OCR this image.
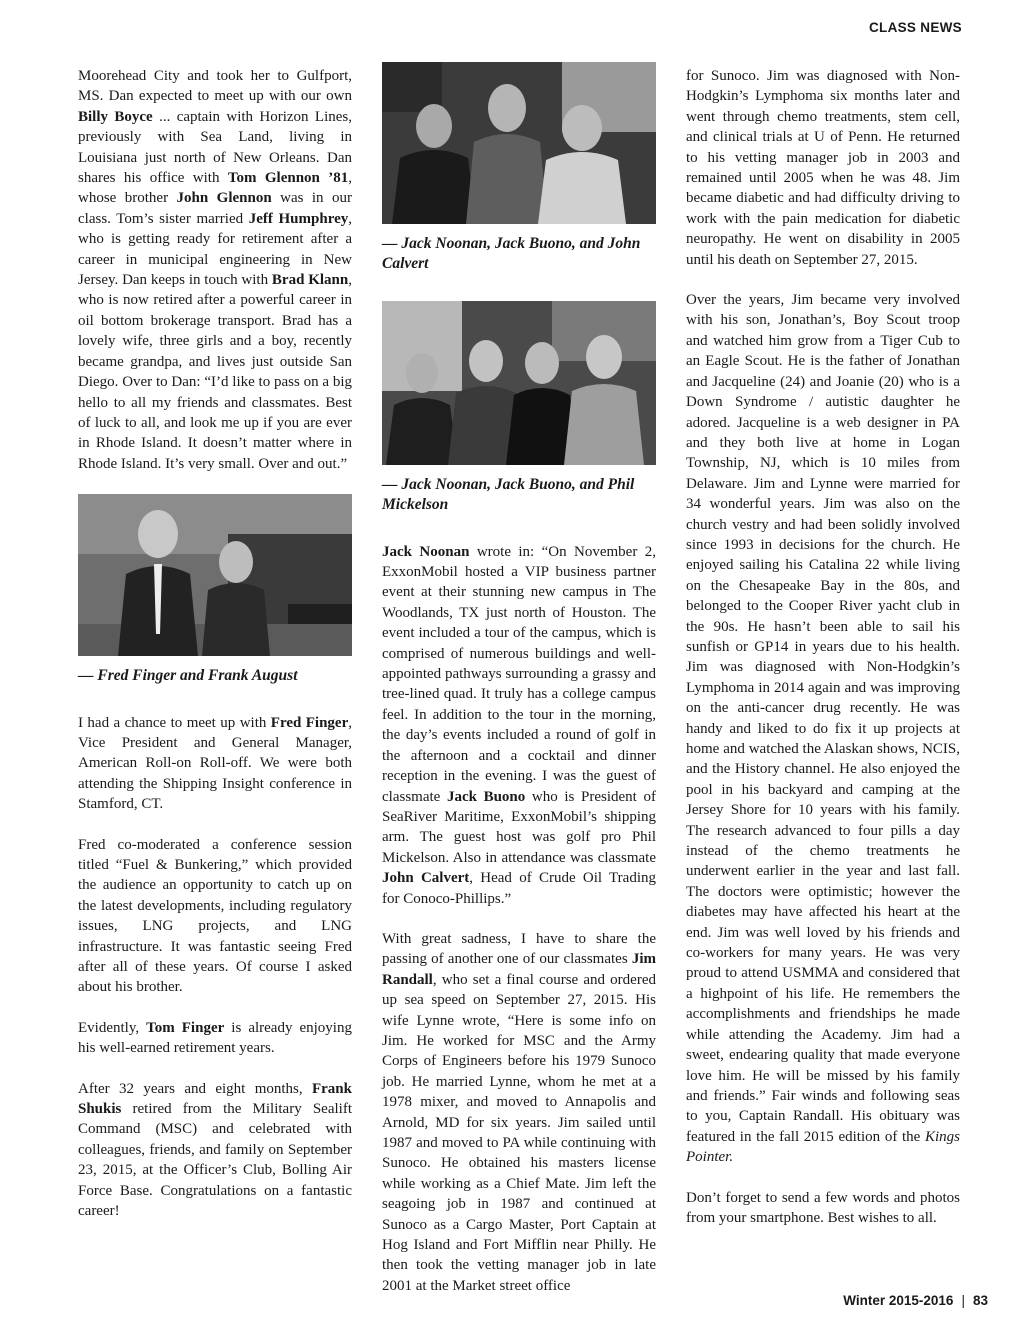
CLASS NEWS

Moorehead City and took her to Gulfport, MS. Dan expected to meet up with our own Billy Boyce ... captain with Horizon Lines, previously with Sea Land, living in Louisiana just north of New Orleans. Dan shares his office with Tom Glennon ’81, whose brother John Glennon was in our class. Tom’s sister married Jeff Humphrey, who is getting ready for retirement after a career in municipal engineering in New Jersey. Dan keeps in touch with Brad Klann, who is now retired after a powerful career in oil bottom brokerage transport. Brad has a lovely wife, three girls and a boy, recently became grandpa, and lives just outside San Diego. Over to Dan: “I’d like to pass on a big hello to all my friends and classmates. Best of luck to all, and look me up if you are ever in Rhode Island. It doesn’t matter where in Rhode Island. It’s very small. Over and out.”

— Fred Finger and Frank August

I had a chance to meet up with Fred Finger, Vice President and General Manager, American Roll-on Roll-off. We were both attending the Shipping Insight conference in Stamford, CT.

Fred co-moderated a conference session titled “Fuel & Bunkering,” which provided the audience an opportunity to catch up on the latest developments, including regulatory issues, LNG projects, and LNG infrastructure. It was fantastic seeing Fred after all of these years. Of course I asked about his brother.

Evidently, Tom Finger is already enjoying his well-earned retirement years.

After 32 years and eight months, Frank Shukis retired from the Military Sealift Command (MSC) and celebrated with colleagues, friends, and family on September 23, 2015, at the Officer’s Club, Bolling Air Force Base. Congratulations on a fantastic career!

— Jack Noonan, Jack Buono, and John Calvert
— Jack Noonan, Jack Buono, and Phil Mickelson

Jack Noonan wrote in: “On November 2, ExxonMobil hosted a VIP business partner event at their stunning new campus in The Woodlands, TX just north of Houston. The event included a tour of the campus, which is comprised of numerous buildings and well-appointed pathways surrounding a grassy and tree-lined quad. It truly has a college campus feel. In addition to the tour in the morning, the day’s events included a round of golf in the afternoon and a cocktail and dinner reception in the evening. I was the guest of classmate Jack Buono who is President of SeaRiver Maritime, ExxonMobil’s shipping arm. The guest host was golf pro Phil Mickelson. Also in attendance was classmate John Calvert, Head of Crude Oil Trading for Conoco-Phillips.”

With great sadness, I have to share the passing of another one of our classmates Jim Randall, who set a final course and ordered up sea speed on September 27, 2015. His wife Lynne wrote, “Here is some info on Jim. He worked for MSC and the Army Corps of Engineers before his 1979 Sunoco job. He married Lynne, whom he met at a 1978 mixer, and moved to Annapolis and Arnold, MD for six years. Jim sailed until 1987 and moved to PA while continuing with Sunoco. He obtained his masters license while working as a Chief Mate. Jim left the seagoing job in 1987 and continued at Sunoco as a Cargo Master, Port Captain at Hog Island and Fort Mifflin near Philly. He then took the vetting manager job in late 2001 at the Market street office

for Sunoco. Jim was diagnosed with Non-Hodgkin’s Lymphoma six months later and went through chemo treatments, stem cell, and clinical trials at U of Penn. He returned to his vetting manager job in 2003 and remained until 2005 when he was 48. Jim became diabetic and had difficulty driving to work with the pain medication for diabetic neuropathy. He went on disability in 2005 until his death on September 27, 2015.

Over the years, Jim became very involved with his son, Jonathan’s, Boy Scout troop and watched him grow from a Tiger Cub to an Eagle Scout. He is the father of Jonathan and Jacqueline (24) and Joanie (20) who is a Down Syndrome / autistic daughter he adored. Jacqueline is a web designer in PA and they both live at home in Logan Township, NJ, which is 10 miles from Delaware. Jim and Lynne were married for 34 wonderful years. Jim was also on the church vestry and had been solidly involved since 1993 in decisions for the church. He enjoyed sailing his Catalina 22 while living on the Chesapeake Bay in the 80s, and belonged to the Cooper River yacht club in the 90s. He hasn’t been able to sail his sunfish or GP14 in years due to his health. Jim was diagnosed with Non-Hodgkin’s Lymphoma in 2014 again and was improving on the anti-cancer drug recently. He was handy and liked to do fix it up projects at home and watched the Alaskan shows, NCIS, and the History channel. He also enjoyed the pool in his backyard and camping at the Jersey Shore for 10 years with his family. The research advanced to four pills a day instead of the chemo treatments he underwent earlier in the year and last fall. The doctors were optimistic; however the diabetes may have affected his heart at the end. Jim was well loved by his friends and co-workers for many years. He was very proud to attend USMMA and considered that a highpoint of his life. He remembers the accomplishments and friendships he made while attending the Academy. Jim had a sweet, endearing quality that made everyone love him. He will be missed by his family and friends.” Fair winds and following seas to you, Captain Randall. His obituary was featured in the fall 2015 edition of the Kings Pointer.

Don’t forget to send a few words and photos from your smartphone. Best wishes to all.

Winter 2015-2016 | 83
